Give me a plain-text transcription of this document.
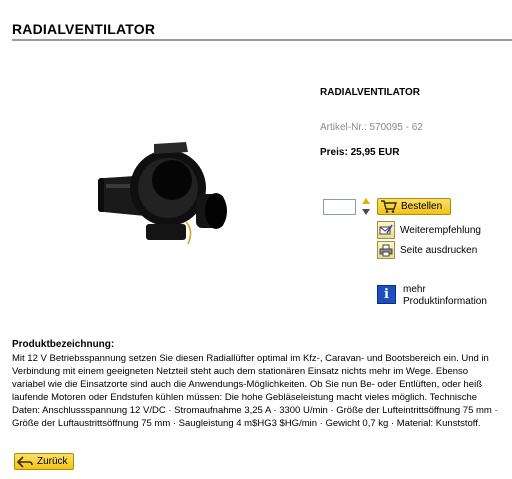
RADIALVENTILATOR
RADIALVENTILATOR
Artikel-Nr.: 570095 - 62
Preis: 25,95 EUR
Bestellen
Weiterempfehlung
Seite ausdrucken
i	mehr
Produktinformation
Produktbezeichnung:
Mit 12 V Betriebsspannung setzen Sie diesen Radiallüfter optimal im Kfz-, Caravan- und Bootsbereich ein. Und in Verbindung mit einem geeigneten Netzteil steht auch dem stationären Einsatz nichts mehr im Wege. Ebenso variabel wie die Einsatzorte sind auch die Anwendungs-Möglichkeiten. Ob Sie nun Be- oder Entlüften, oder heiß laufende Motoren oder Endstufen kühlen müssen: Die hohe Gebläseleistung macht vieles möglich. Technische Daten: Anschlussspannung 12 V/DC · Stromaufnahme 3,25 A · 3300 U/min · Größe der Lufteintrittsöffnung 75 mm · Größe der Luftaustrittsöffnung 75 mm · Saugleistung 4 m$HG3 $HG/min · Gewicht 0,7 kg · Material: Kunststoff.
Zurück
